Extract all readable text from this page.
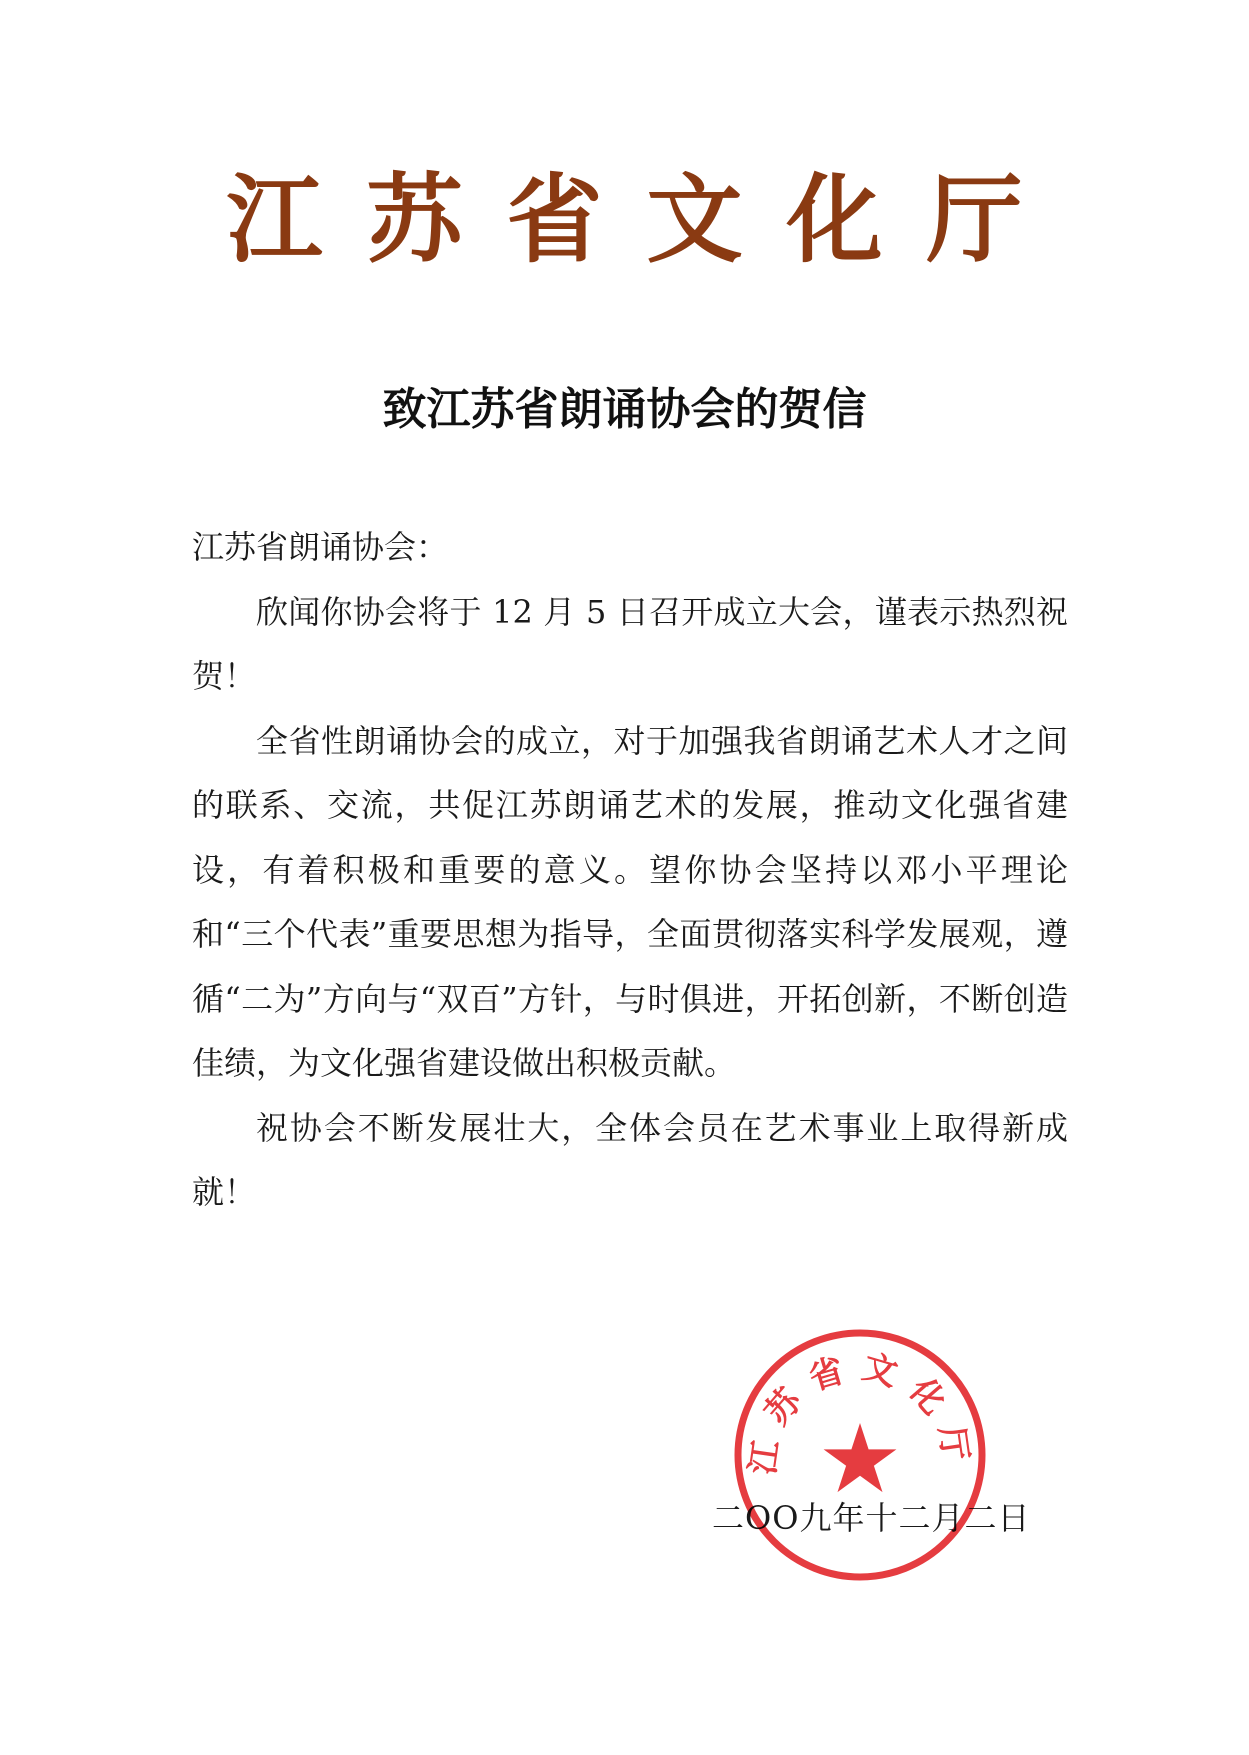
江苏省文化厅
致江苏省朗诵协会的贺信

江苏省朗诵协会：

欣闻你协会将于 12 月 5 日召开成立大会，谨表示热烈祝贺！

全省性朗诵协会的成立，对于加强我省朗诵艺术人才之间的联系、交流，共促江苏朗诵艺术的发展，推动文化强省建设，有着积极和重要的意义。望你协会坚持以邓小平理论和“三个代表”重要思想为指导，全面贯彻落实科学发展观，遵循“二为”方向与“双百”方针，与时俱进，开拓创新，不断创造佳绩，为文化强省建设做出积极贡献。

祝协会不断发展壮大，全体会员在艺术事业上取得新成就！

二OO九年十二月二日
江苏省文化厅
